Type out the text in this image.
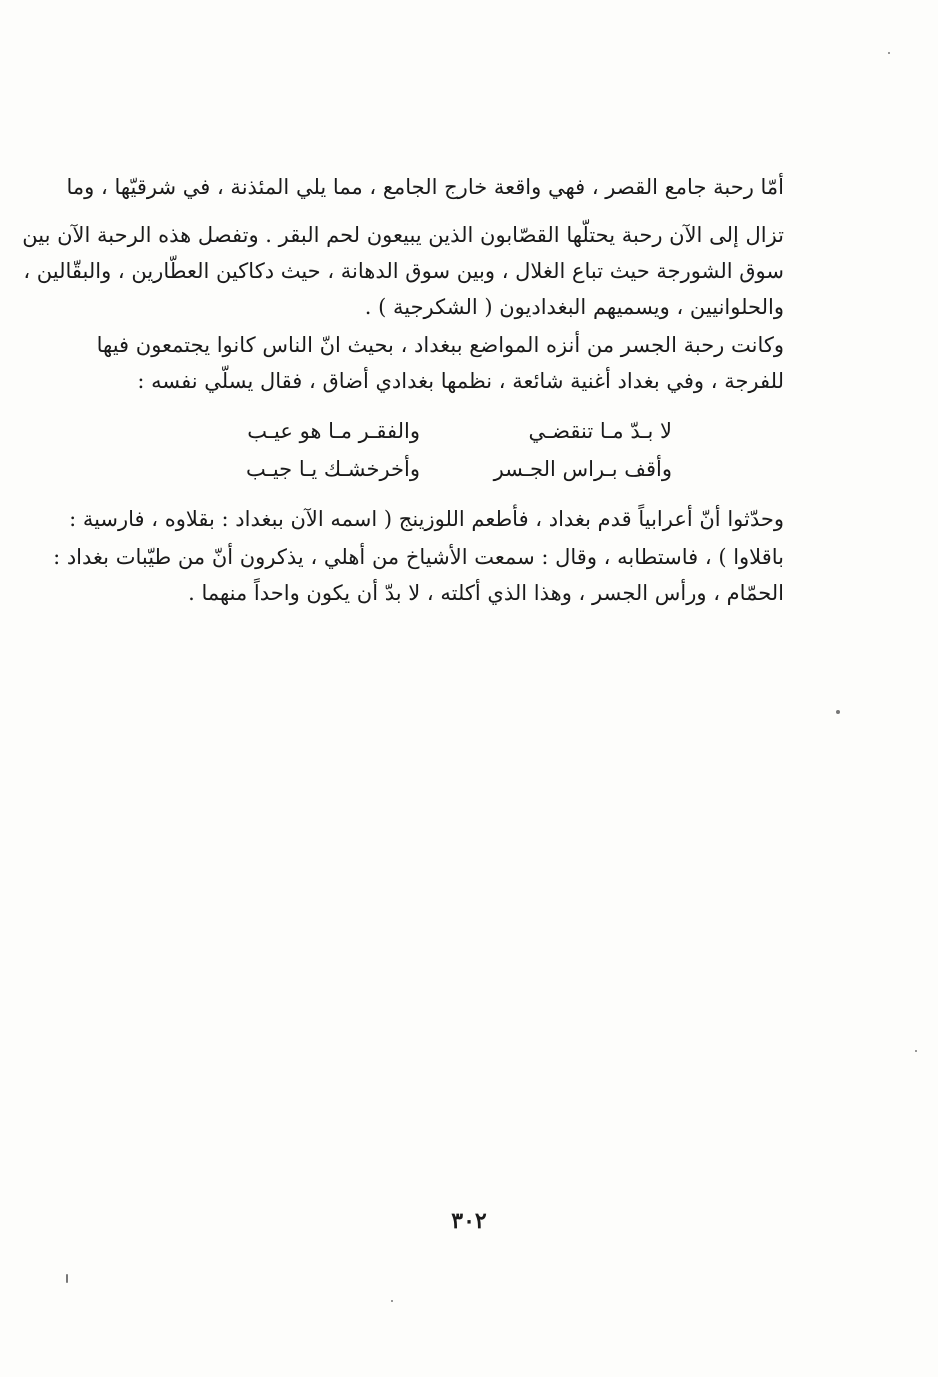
أمّا رحبة جامع القصر ، فهي واقعة خارج الجامع ، مما يلي المئذنة ، في شرقيّها ، وما
تزال إلى الآن رحبة يحتلّها القصّابون الذين يبيعون لحم البقر . وتفصل هذه الرحبة الآن بين
سوق الشورجة حيث تباع الغلال ، وبين سوق الدهانة ، حيث دكاكين العطّارين ، والبقّالين ،
والحلوانيين ، ويسميهم البغداديون ( الشكرجية ) .
وكانت رحبة الجسر من أنزه المواضع ببغداد ، بحيث انّ الناس كانوا يجتمعون فيها
للفرجة ، وفي بغداد أغنية شائعة ، نظمها بغدادي أضاق ، فقال يسلّي نفسه :
لا بـدّ مـا تنقضـي
والفقـر مـا هو عيـب
وأقف بـراس الجـسر
وأخرخشـك يـا جيـب
وحدّثوا أنّ أعرابياً قدم بغداد ، فأطعم اللوزينج ( اسمه الآن ببغداد : بقلاوه ، فارسية :
باقلاوا ) ، فاستطابه ، وقال : سمعت الأشياخ من أهلي ، يذكرون أنّ من طيّبات بغداد :
الحمّام ، ورأس الجسر ، وهذا الذي أكلته ، لا بدّ أن يكون واحداً منهما .
٣٠٢
